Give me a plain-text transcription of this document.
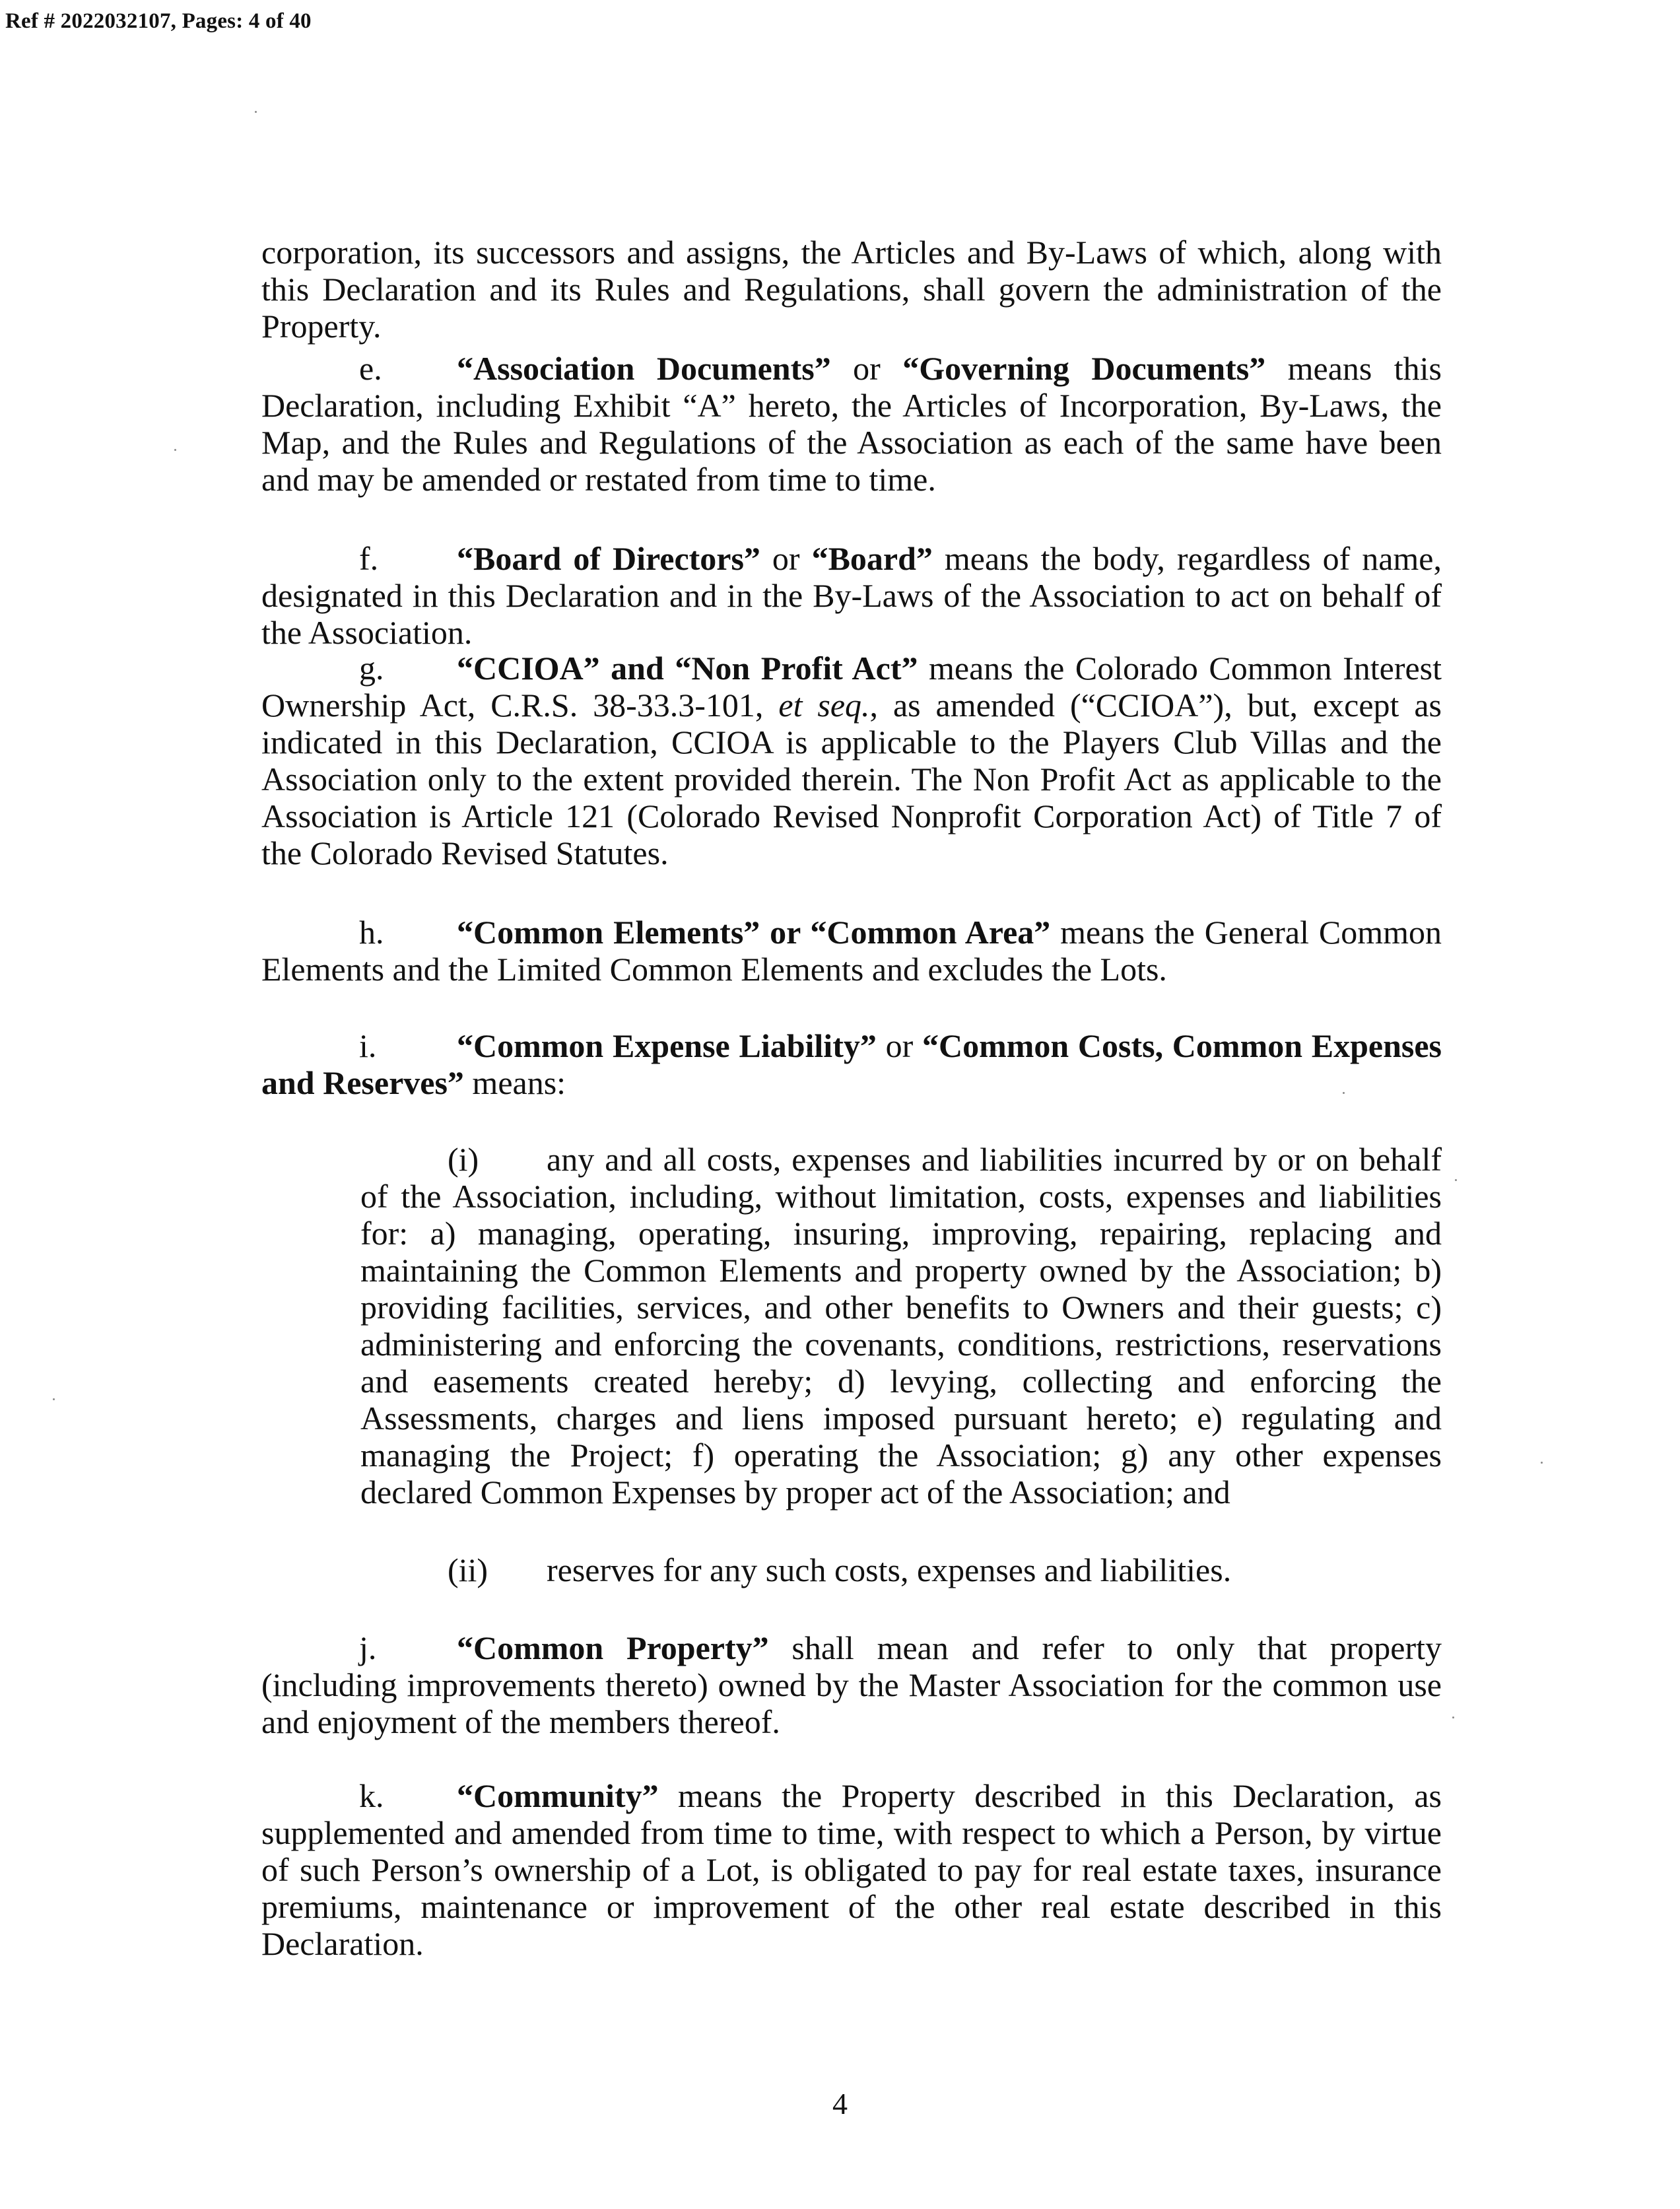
Ref # 2022032107, Pages: 4 of 40

corporation, its successors and assigns, the Articles and By-Laws of which, along with this Declaration and its Rules and Regulations, shall govern the administration of the Property.

e. “Association Documents” or “Governing Documents” means this Declaration, including Exhibit “A” hereto, the Articles of Incorporation, By-Laws, the Map, and the Rules and Regulations of the Association as each of the same have been and may be amended or restated from time to time.

f. “Board of Directors” or “Board” means the body, regardless of name, designated in this Declaration and in the By-Laws of the Association to act on behalf of the Association.

g. “CCIOA” and “Non Profit Act” means the Colorado Common Interest Ownership Act, C.R.S. 38-33.3-101, et seq., as amended (“CCIOA”), but, except as indicated in this Declaration, CCIOA is applicable to the Players Club Villas and the Association only to the extent provided therein. The Non Profit Act as applicable to the Association is Article 121 (Colorado Revised Nonprofit Corporation Act) of Title 7 of the Colorado Revised Statutes.

h. “Common Elements” or “Common Area” means the General Common Elements and the Limited Common Elements and excludes the Lots.

i. “Common Expense Liability” or “Common Costs, Common Expenses and Reserves” means:

(i) any and all costs, expenses and liabilities incurred by or on behalf of the Association, including, without limitation, costs, expenses and liabilities for: a) managing, operating, insuring, improving, repairing, replacing and maintaining the Common Elements and property owned by the Association; b) providing facilities, services, and other benefits to Owners and their guests; c) administering and enforcing the covenants, conditions, restrictions, reservations and easements created hereby; d) levying, collecting and enforcing the Assessments, charges and liens imposed pursuant hereto; e) regulating and managing the Project; f) operating the Association; g) any other expenses declared Common Expenses by proper act of the Association; and

(ii) reserves for any such costs, expenses and liabilities.

j. “Common Property” shall mean and refer to only that property (including improvements thereto) owned by the Master Association for the common use and enjoyment of the members thereof.

k. “Community” means the Property described in this Declaration, as supplemented and amended from time to time, with respect to which a Person, by virtue of such Person’s ownership of a Lot, is obligated to pay for real estate taxes, insurance premiums, maintenance or improvement of the other real estate described in this Declaration.

4
